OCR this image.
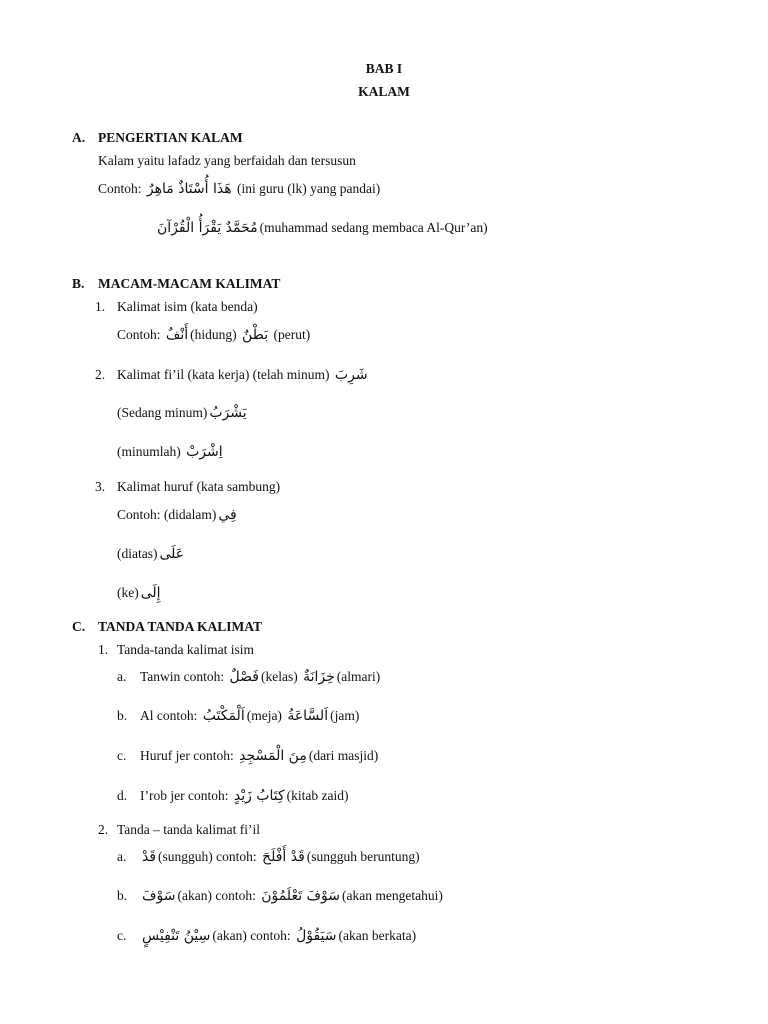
BAB I
KALAM
A. PENGERTIAN KALAM
Kalam yaitu lafadz yang berfaidah dan tersusun
Contoh: هَذَا أُسْتَاذٌ مَاهِرٌ (ini guru (lk) yang pandai)
مُحَمَّدٌ يَقْرَأُ الْقُرْآنَ (muhammad sedang membaca Al-Qur’an)
B. MACAM-MACAM KALIMAT
1. Kalimat isim (kata benda)
Contoh: أَنْفٌ (hidung) بَطْنٌ (perut)
2. Kalimat fi’il (kata kerja) (telah minum) شَرِبَ
(Sedang minum) يَشْرَبُ
(minumlah) اِشْرَبْ
3. Kalimat huruf (kata sambung)
Contoh: (didalam) فِي
(diatas) عَلَى
(ke) إِلَى
C. TANDA TANDA KALIMAT
1. Tanda-tanda kalimat isim
a. Tanwin contoh: فَصْلٌ (kelas) خِزَانَةٌ (almari)
b. Al contoh: اَلْمَكْتَبُ (meja) اَلسَّاعَةُ (jam)
c. Huruf jer contoh: مِنَ الْمَسْجِدِ (dari masjid)
d. I’rob jer contoh: كِتَابُ زَيْدٍ (kitab zaid)
2. Tanda – tanda kalimat fi’il
a. قَدْ (sungguh) contoh: قَدْ أَفْلَحَ (sungguh beruntung)
b. سَوْفَ (akan) contoh: سَوْفَ تَعْلَمُوْنَ (akan mengetahui)
c. سِيْنُ تَنْفِيْسٍ (akan) contoh: سَيَقُوْلُ (akan berkata)
